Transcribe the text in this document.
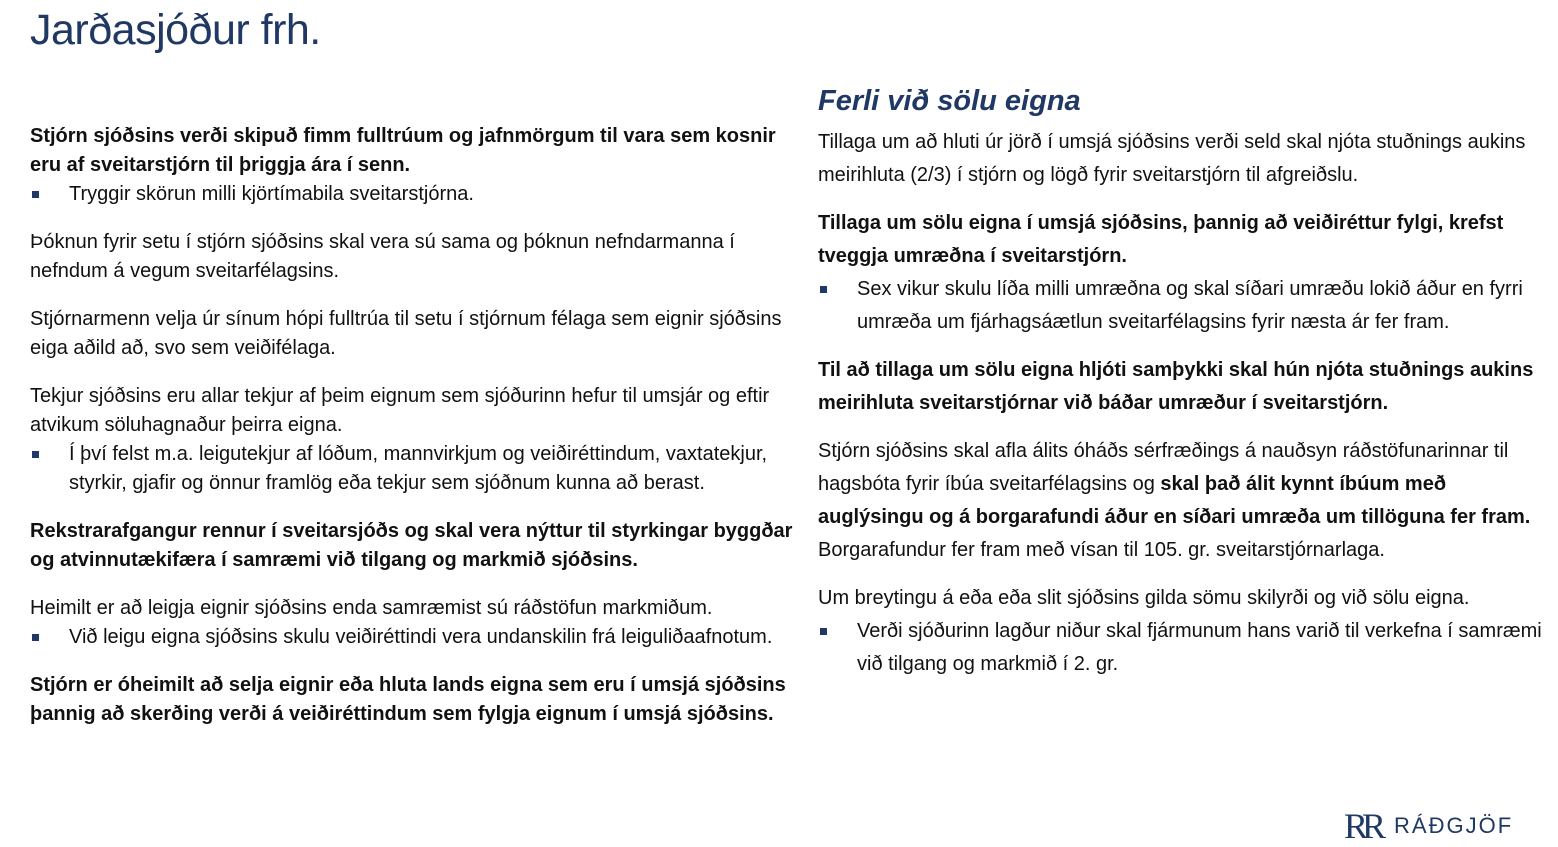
Jarðasjóður frh.

Stjórn sjóðsins verði skipuð fimm fulltrúum og jafnmörgum til vara sem kosnir eru af sveitarstjórn til þriggja ára í senn.

Tryggir skörun milli kjörtímabila sveitarstjórna.

Þóknun fyrir setu í stjórn sjóðsins skal vera sú sama og þóknun nefndarmanna í nefndum á vegum sveitarfélagsins.

Stjórnarmenn velja úr sínum hópi fulltrúa til setu í stjórnum félaga sem eignir sjóðsins eiga aðild að, svo sem veiðifélaga.

Tekjur sjóðsins eru allar tekjur af þeim eignum sem sjóðurinn hefur til umsjár og eftir atvikum söluhagnaður þeirra eigna.

Í því felst m.a. leigutekjur af lóðum, mannvirkjum og veiðiréttindum, vaxtatekjur, styrkir, gjafir og önnur framlög eða tekjur sem sjóðnum kunna að berast.

Rekstrarafgangur rennur í sveitarsjóðs og skal vera nýttur til styrkingar byggðar og atvinnutækifæra í samræmi við tilgang og markmið sjóðsins.

Heimilt er að leigja eignir sjóðsins enda samræmist sú ráðstöfun markmiðum.

Við leigu eigna sjóðsins skulu veiðiréttindi vera undanskilin frá leiguliðaafnotum.

Stjórn er óheimilt að selja eignir eða hluta lands eigna sem eru í umsjá sjóðsins þannig að skerðing verði á veiðiréttindum sem fylgja eignum í umsjá sjóðsins.

Ferli við sölu eigna

Tillaga um að hluti úr jörð í umsjá sjóðsins verði seld skal njóta stuðnings aukins meirihluta (2/3) í stjórn og lögð fyrir sveitarstjórn til afgreiðslu.

Tillaga um sölu eigna í umsjá sjóðsins, þannig að veiðiréttur fylgi, krefst tveggja umræðna í sveitarstjórn.

Sex vikur skulu líða milli umræðna og skal síðari umræðu lokið áður en fyrri umræða um fjárhagsáætlun sveitarfélagsins fyrir næsta ár fer fram.

Til að tillaga um sölu eigna hljóti samþykki skal hún njóta stuðnings aukins meirihluta sveitarstjórnar við báðar umræður í sveitarstjórn.

Stjórn sjóðsins skal afla álits óháðs sérfræðings á nauðsyn ráðstöfunarinnar til hagsbóta fyrir íbúa sveitarfélagsins og skal það álit kynnt íbúum með auglýsingu og á borgarafundi áður en síðari umræða um tillöguna fer fram. Borgarafundur fer fram með vísan til 105. gr. sveitarstjórnarlaga.

Um breytingu á eða eða slit sjóðsins gilda sömu skilyrði og við sölu eigna.

Verði sjóðurinn lagður niður skal fjármunum hans varið til verkefna í samræmi við tilgang og markmið í 2. gr.

RR RÁÐGJÖF
